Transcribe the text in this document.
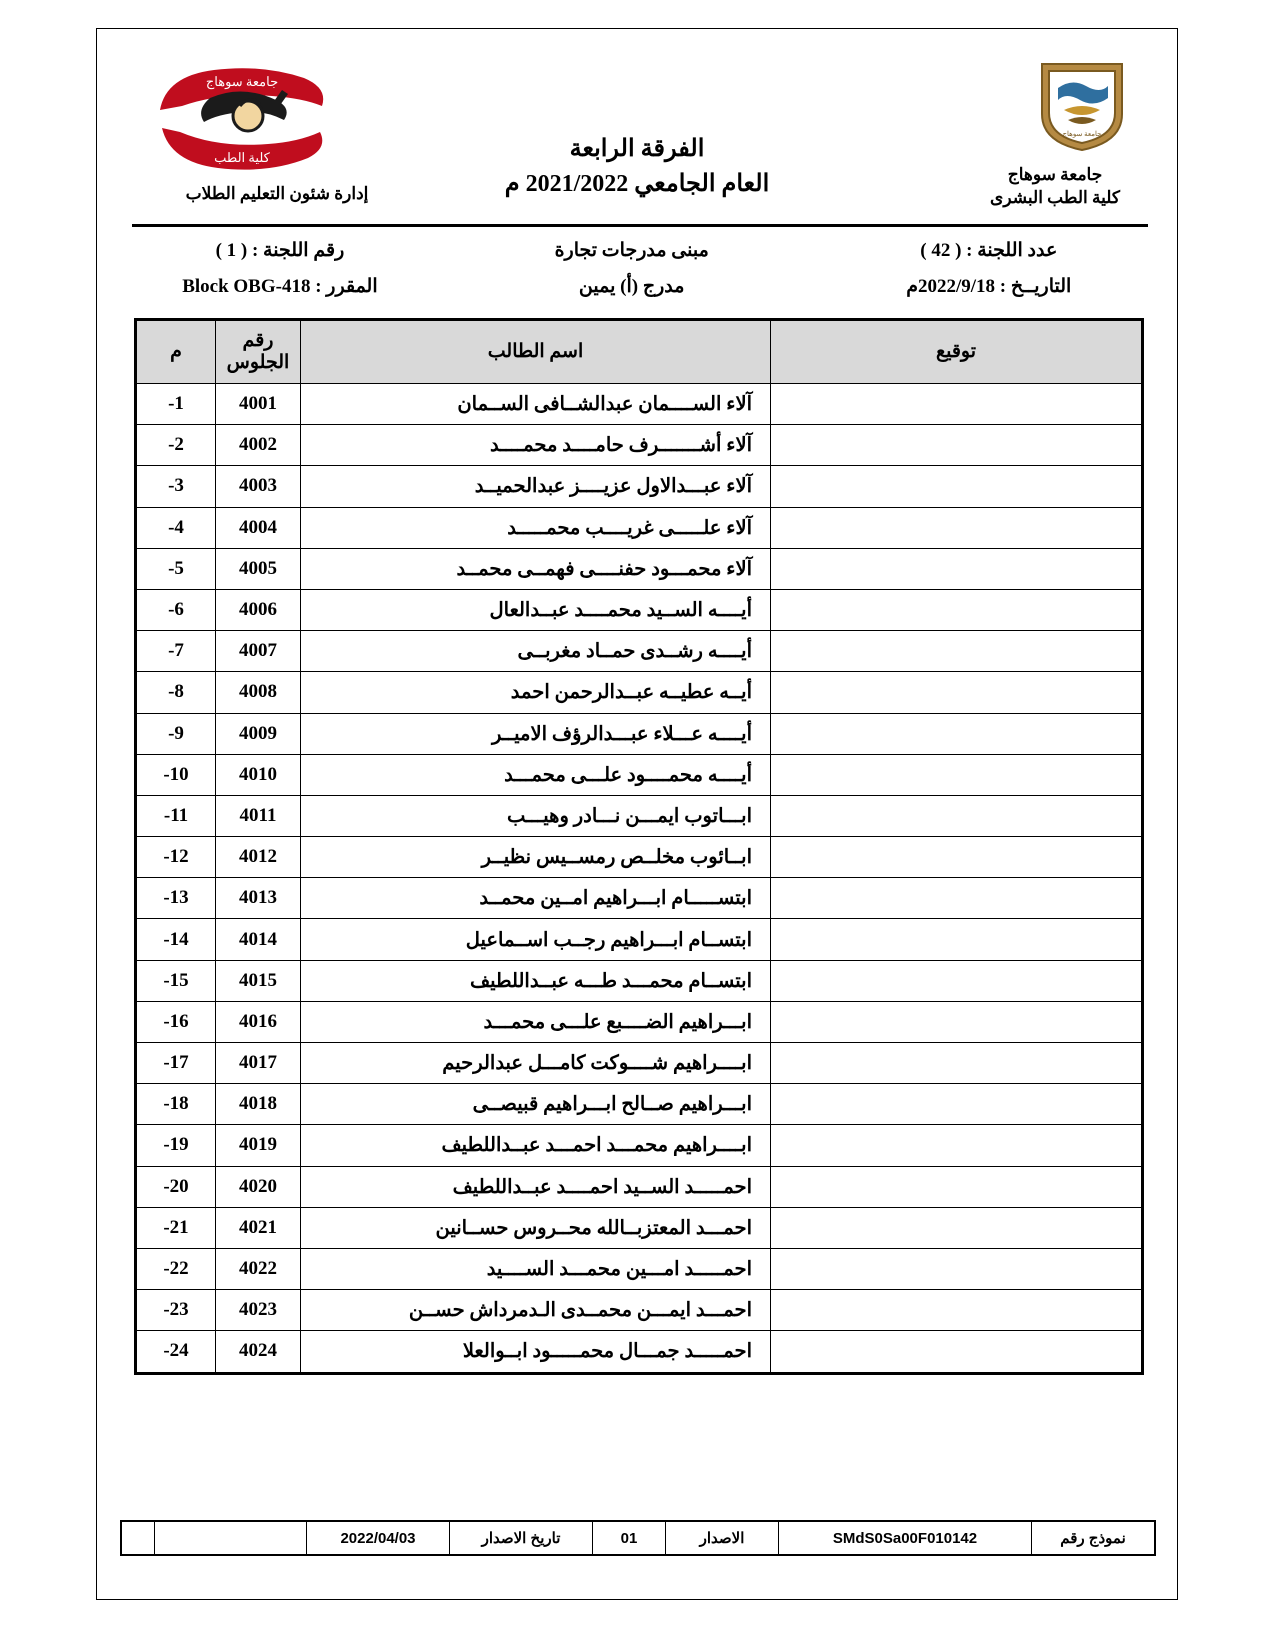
كلية الطب
جامعة سوهاج
جامعة سوهاج
جامعة سوهاج
كلية الطب البشرى
الفرقة الرابعة
العام الجامعي 2021/2022 م
إدارة شئون التعليم الطلاب
عدد اللجنة : ( 42 )
مبنى مدرجات تجارة
رقم اللجنة : ( 1 )
التاريــخ : 2022/9/18م
مدرج (أ) يمين
المقرر : Block OBG-418
توقيع	اسم الطالب	رقم الجلوس	م
	آلاء الســــمان عبدالشــافى الســمان	4001	1-
	آلاء أشـــــــرف حامــــد محمــــد	4002	2-
	آلاء عبـــدالاول عزيــــز عبدالحميــد	4003	3-
	آلاء علـــــى غريــــب محمـــــد	4004	4-
	آلاء محمـــود حفنــــى فهمــى محمــد	4005	5-
	أيــــه الســيد محمــــد عبــدالعال	4006	6-
	أيــــه رشــدى حمــاد مغربــى	4007	7-
	أيــه عطيــه عبــدالرحمن احمد	4008	8-
	أيــــه عـــلاء عبـــدالرؤف الاميــر	4009	9-
	أيــــه محمــــود علـــى محمـــد	4010	10-
	ابـــاتوب ايمـــن نـــادر وهيـــب	4011	11-
	ابــائوب مخلــص رمســيس نظيــر	4012	12-
	ابتســـــام ابـــراهيم امــين محمــد	4013	13-
	ابتســام ابـــراهيم رجــب اســماعيل	4014	14-
	ابتســام محمـــد طـــه عبــداللطيف	4015	15-
	ابـــراهيم الضــــبع علـــى محمـــد	4016	16-
	ابــــراهيم شــــوكت كامـــل عبدالرحيم	4017	17-
	ابـــراهيم صــالح ابـــراهيم قبيصــى	4018	18-
	ابــــراهيم محمـــد احمـــد عبــداللطيف	4019	19-
	احمـــــد الســيد احمــــد عبــداللطيف	4020	20-
	احمـــد المعتزبــالله محــروس حســانين	4021	21-
	احمـــــد امـــين محمـــد الســــيد	4022	22-
	احمـــد ايمـــن محمــدى الـدمرداش حســن	4023	23-
	احمـــــد جمـــال محمـــــود ابــوالعلا	4024	24-
نموذج رقم	SMdS0Sa00F010142	الاصدار	01	تاريخ الاصدار	2022/04/03		
